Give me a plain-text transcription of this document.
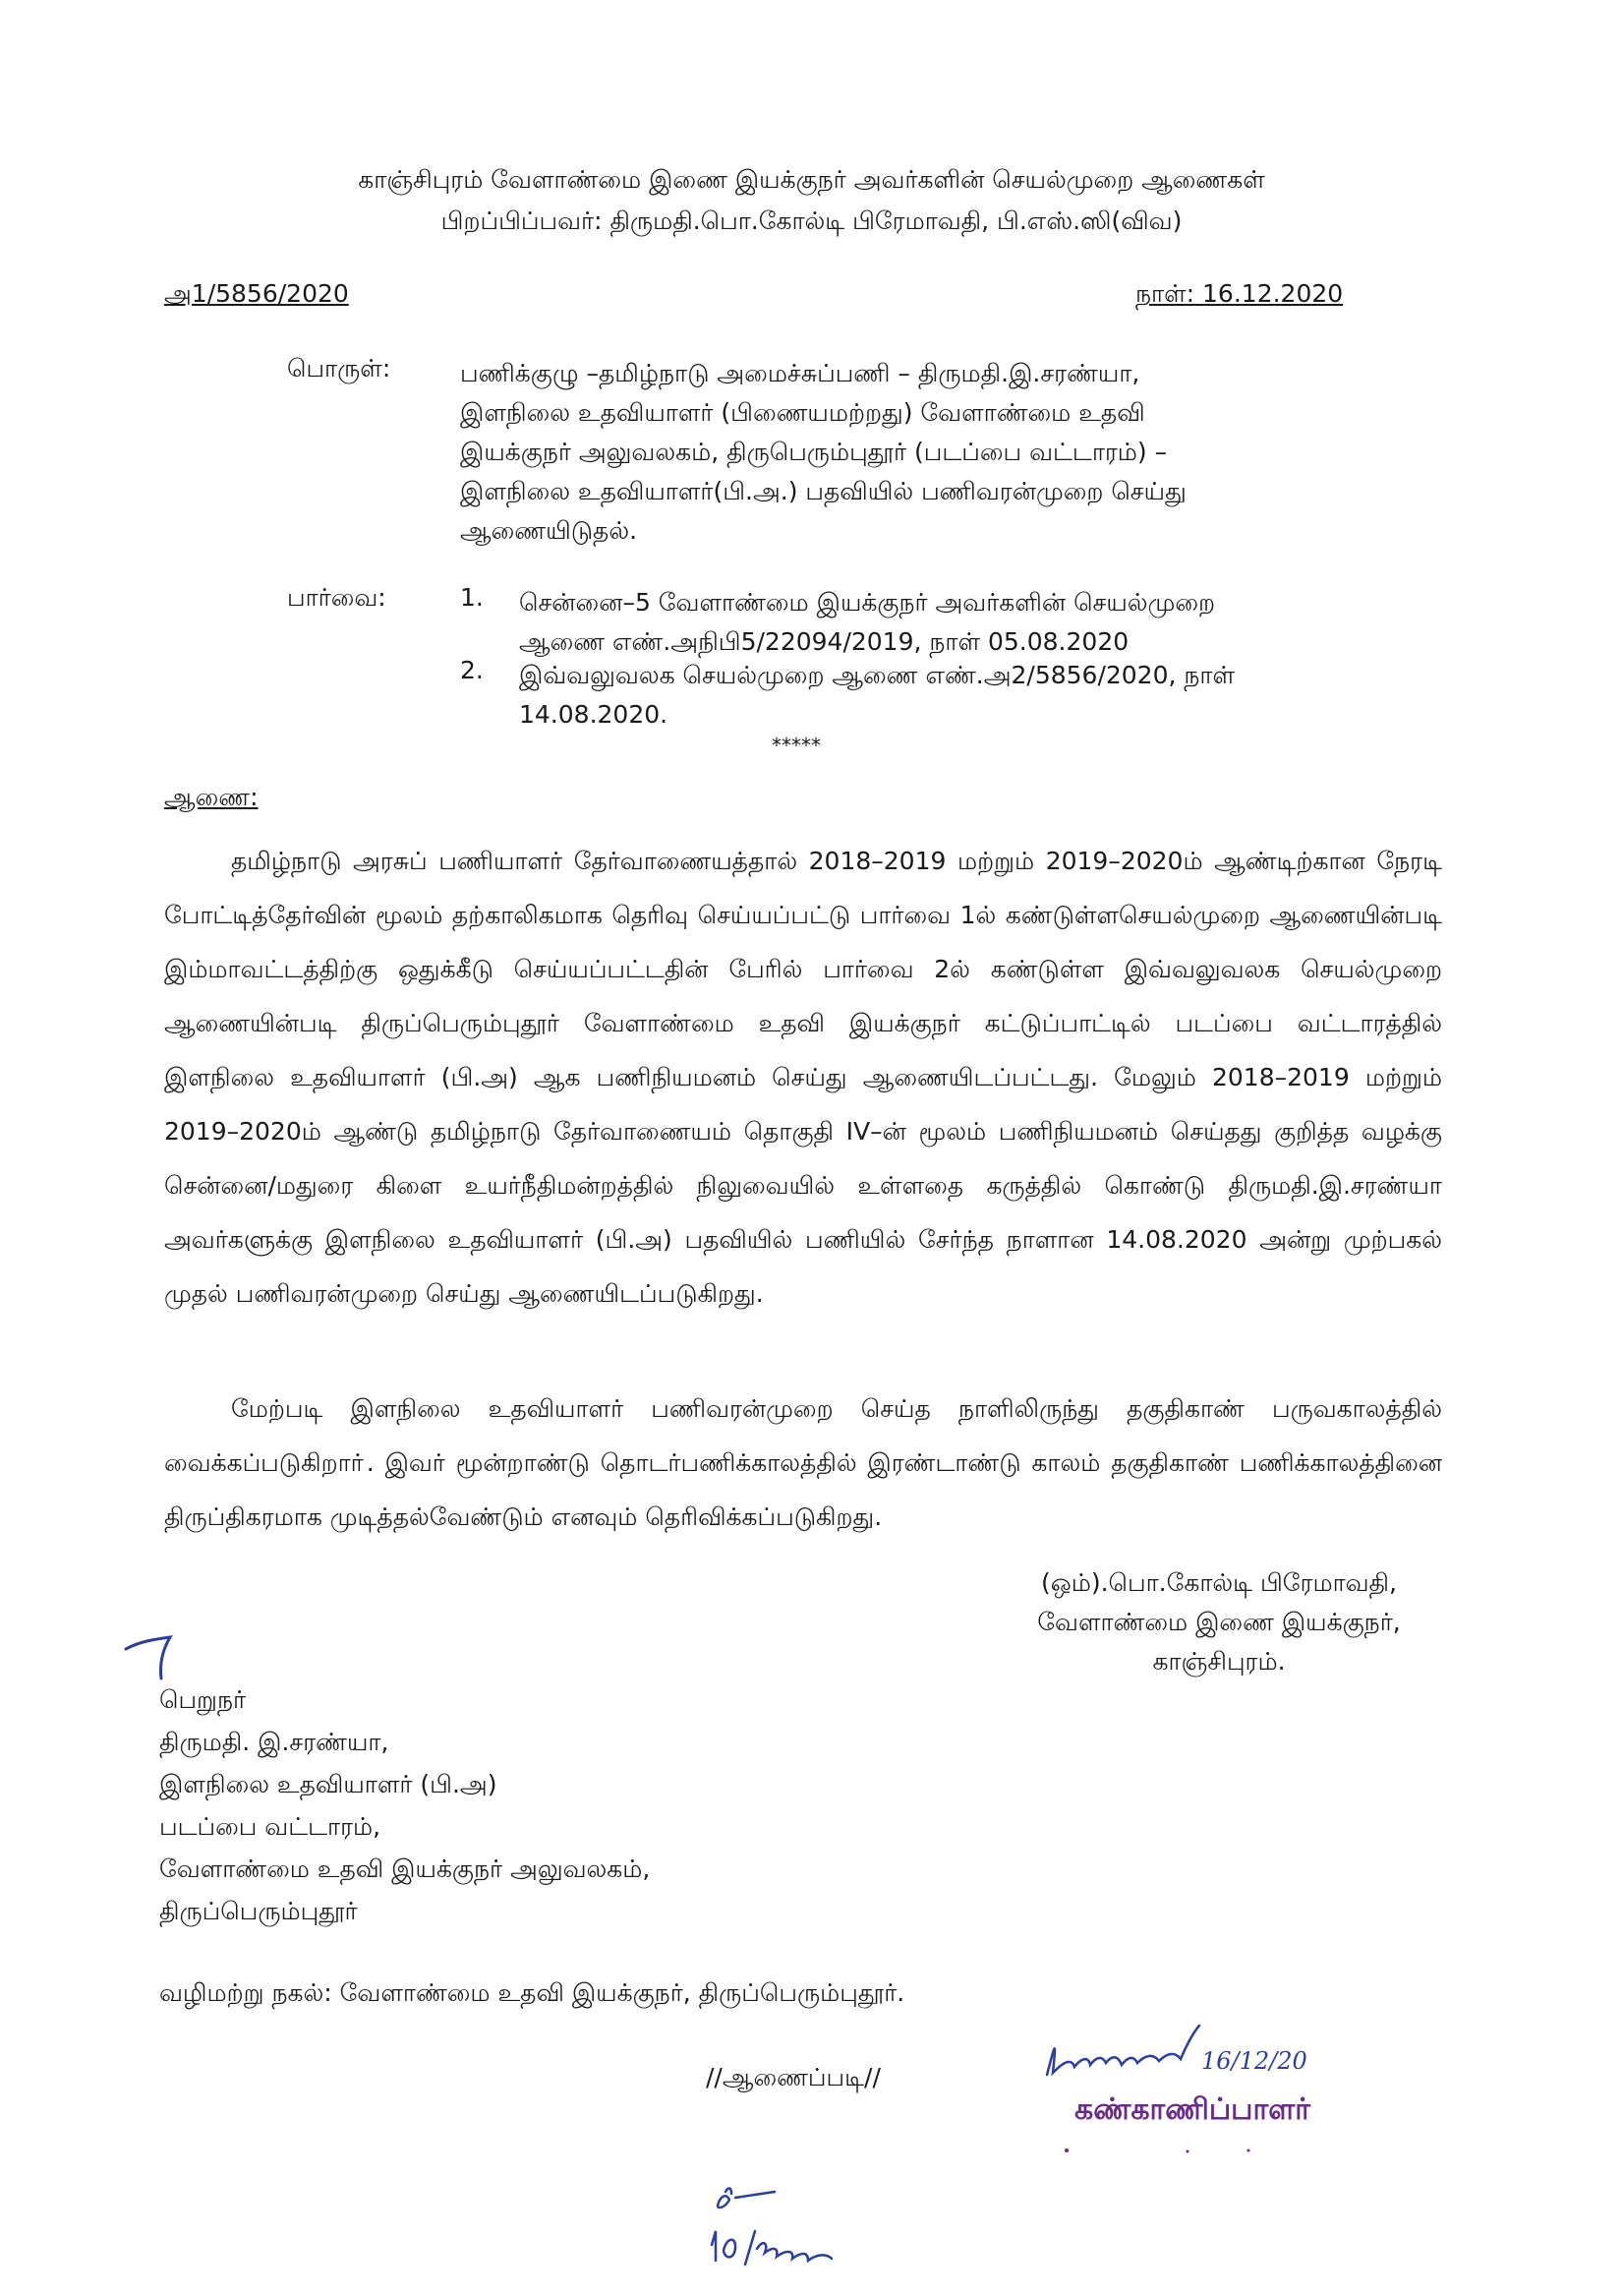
காஞ்சிபுரம் வேளாண்மை இணை இயக்குநர் அவர்களின் செயல்முறை ஆணைகள்
பிறப்பிப்பவர்: திருமதி.பொ.கோல்டி பிரேமாவதி, பி.எஸ்.ஸி(விவ)
அ1/5856/2020	நாள்: 16.12.2020
பொருள்:	பணிக்குழு –தமிழ்நாடு அமைச்சுப்பணி – திருமதி.இ.சரண்யா,
இளநிலை உதவியாளர் (பிணையமற்றது) வேளாண்மை உதவி
இயக்குநர் அலுவலகம், திருபெரும்புதூர் (படப்பை வட்டாரம்) –
இளநிலை உதவியாளர்(பி.அ.) பதவியில் பணிவரன்முறை செய்து
ஆணையிடுதல்.
பார்வை:	1. சென்னை–5 வேளாண்மை இயக்குநர் அவர்களின் செயல்முறை
ஆணை எண்.அநிபி5/22094/2019, நாள் 05.08.2020
2. இவ்வலுவலக செயல்முறை ஆணை எண்.அ2/5856/2020, நாள்
14.08.2020.
*****
ஆணை:
தமிழ்நாடு அரசுப் பணியாளர் தேர்வாணையத்தால் 2018–2019 மற்றும் 2019–2020ம் ஆண்டிற்கான நேரடி போட்டித்தேர்வின் மூலம் தற்காலிகமாக தெரிவு செய்யப்பட்டு பார்வை 1ல் கண்டுள்ளசெயல்முறை ஆணையின்படி இம்மாவட்டத்திற்கு ஒதுக்கீடு செய்யப்பட்டதின் பேரில் பார்வை 2ல் கண்டுள்ள இவ்வலுவலக செயல்முறை ஆணையின்படி திருப்பெரும்புதூர் வேளாண்மை உதவி இயக்குநர் கட்டுப்பாட்டில் படப்பை வட்டாரத்தில் இளநிலை உதவியாளர் (பி.அ) ஆக பணிநியமனம் செய்து ஆணையிடப்பட்டது. மேலும் 2018–2019 மற்றும் 2019–2020ம் ஆண்டு தமிழ்நாடு தேர்வாணையம் தொகுதி IV–ன் மூலம் பணிநியமனம் செய்தது குறித்த வழக்கு சென்னை/மதுரை கிளை உயர்நீதிமன்றத்தில் நிலுவையில் உள்ளதை கருத்தில் கொண்டு திருமதி.இ.சரண்யா அவர்களுக்கு இளநிலை உதவியாளர் (பி.அ) பதவியில் பணியில் சேர்ந்த நாளான 14.08.2020 அன்று முற்பகல் முதல் பணிவரன்முறை செய்து ஆணையிடப்படுகிறது.
மேற்படி இளநிலை உதவியாளர் பணிவரன்முறை செய்த நாளிலிருந்து தகுதிகாண் பருவகாலத்தில் வைக்கப்படுகிறாா். இவர் மூன்றாண்டு தொடர்பணிக்காலத்தில் இரண்டாண்டு காலம் தகுதிகாண் பணிக்காலத்தினை திருப்திகரமாக முடித்தல்வேண்டும் எனவும் தெரிவிக்கப்படுகிறது.
(ஒம்).பொ.கோல்டி பிரேமாவதி,
வேளாண்மை இணை இயக்குநர்,
காஞ்சிபுரம்.
பெறுநர்
திருமதி. இ.சரண்யா,
இளநிலை உதவியாளர் (பி.அ)
படப்பை வட்டாரம்,
வேளாண்மை உதவி இயக்குநர் அலுவலகம்,
திருப்பெரும்புதூர்
வழிமற்று நகல்: வேளாண்மை உதவி இயக்குநர், திருப்பெரும்புதூர்.
//ஆணைப்படி//
16/12/20
கண்காணிப்பாளர்
